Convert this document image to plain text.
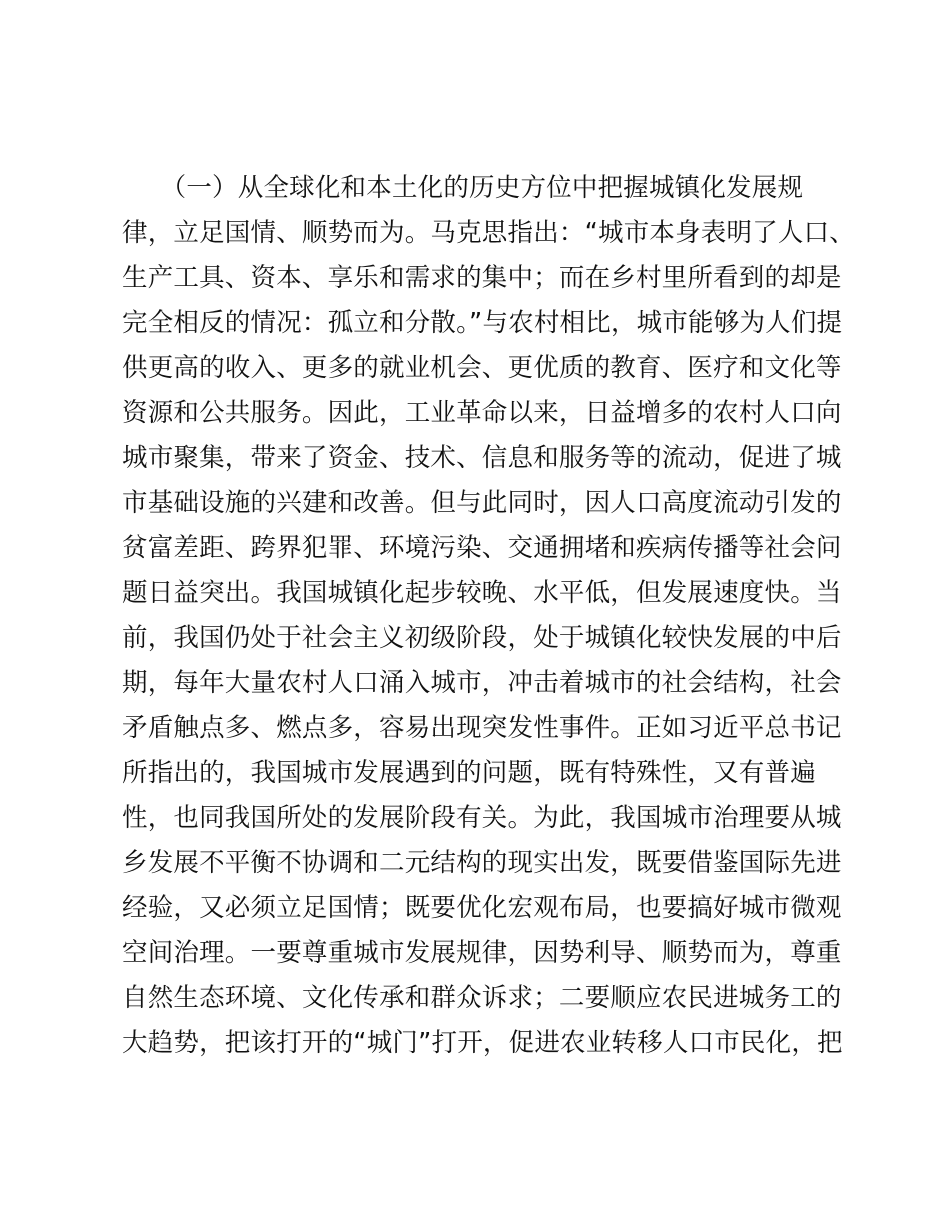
　　（一）从全球化和本土化的历史方位中把握城镇化发展规
律，立足国情、顺势而为。马克思指出：“城市本身表明了人口、
生产工具、资本、享乐和需求的集中；而在乡村里所看到的却是
完全相反的情况：孤立和分散。”与农村相比，城市能够为人们提
供更高的收入、更多的就业机会、更优质的教育、医疗和文化等
资源和公共服务。因此，工业革命以来，日益增多的农村人口向
城市聚集，带来了资金、技术、信息和服务等的流动，促进了城
市基础设施的兴建和改善。但与此同时，因人口高度流动引发的
贫富差距、跨界犯罪、环境污染、交通拥堵和疾病传播等社会问
题日益突出。我国城镇化起步较晚、水平低，但发展速度快。当
前，我国仍处于社会主义初级阶段，处于城镇化较快发展的中后
期，每年大量农村人口涌入城市，冲击着城市的社会结构，社会
矛盾触点多、燃点多，容易出现突发性事件。正如习近平总书记
所指出的，我国城市发展遇到的问题，既有特殊性，又有普遍
性，也同我国所处的发展阶段有关。为此，我国城市治理要从城
乡发展不平衡不协调和二元结构的现实出发，既要借鉴国际先进
经验，又必须立足国情；既要优化宏观布局，也要搞好城市微观
空间治理。一要尊重城市发展规律，因势利导、顺势而为，尊重
自然生态环境、文化传承和群众诉求；二要顺应农民进城务工的
大趋势，把该打开的“城门”打开，促进农业转移人口市民化，把
